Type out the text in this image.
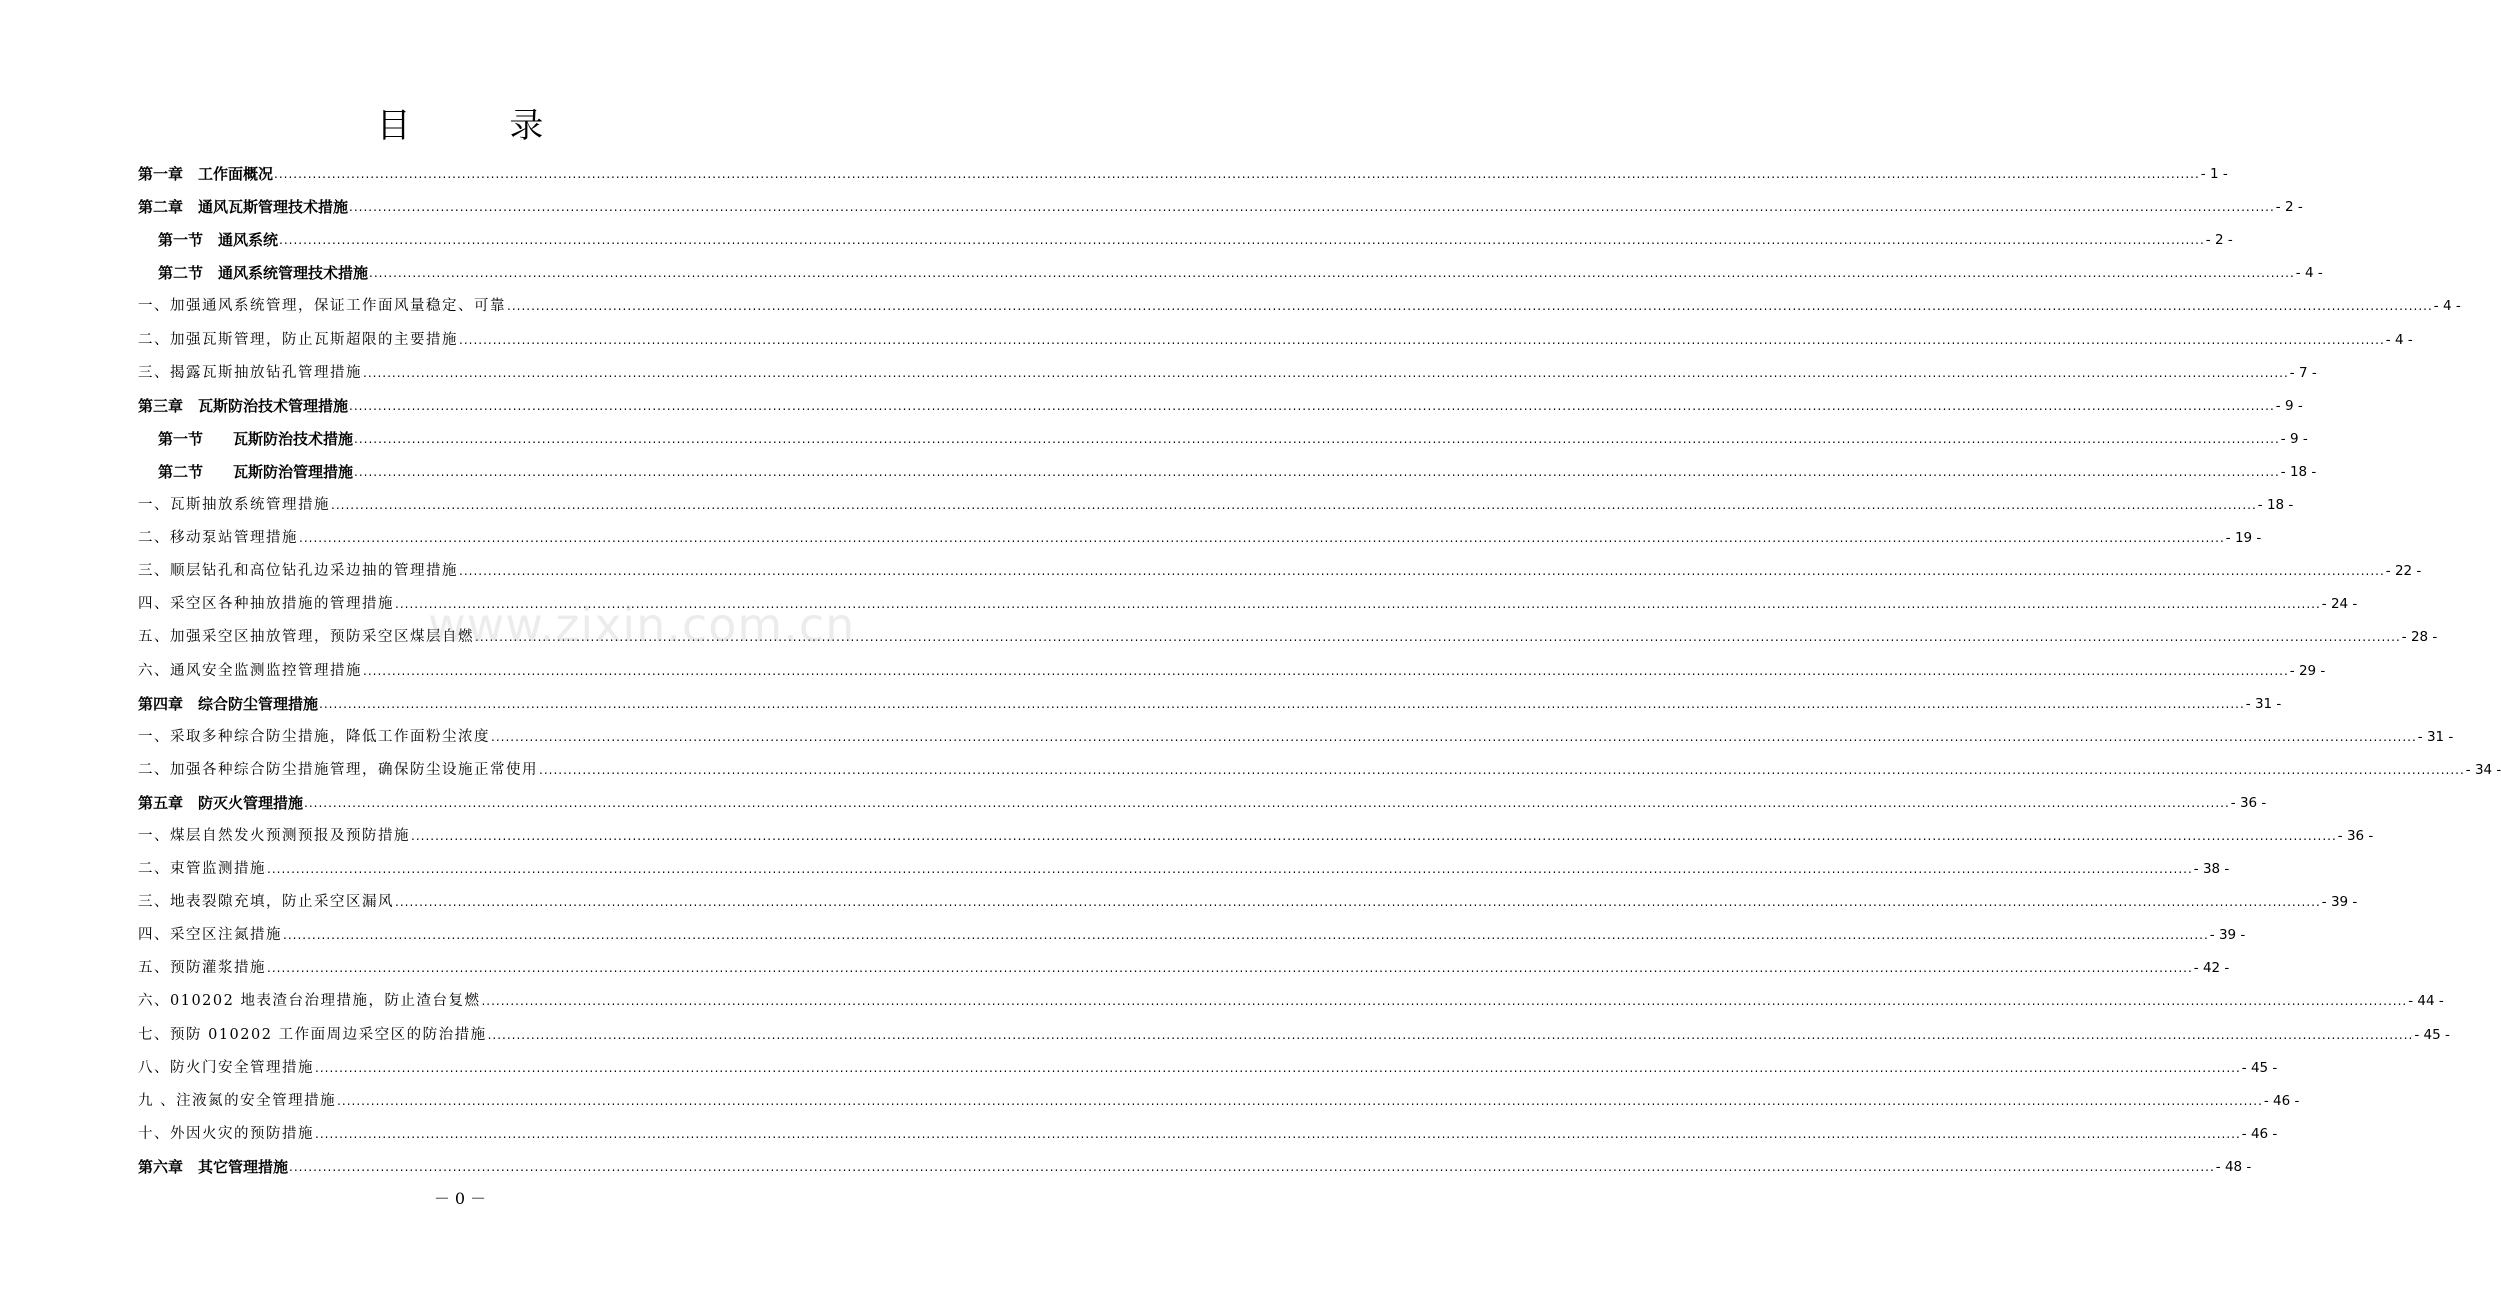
目 录
第一章　工作面概况 ................................................................................................................................................................................................................................................................................................................................................................................................................ - 1 -
第二章　通风瓦斯管理技术措施 ................................................................................................................................................................................................................................................................................................................................................................................................................ - 2 -
第一节　通风系统 ................................................................................................................................................................................................................................................................................................................................................................................................................ - 2 -
第二节　通风系统管理技术措施 ................................................................................................................................................................................................................................................................................................................................................................................................................ - 4 -
一、加强通风系统管理，保证工作面风量稳定、可靠 ................................................................................................................................................................................................................................................................................................................................................................................................................ - 4 -
二、加强瓦斯管理，防止瓦斯超限的主要措施 ................................................................................................................................................................................................................................................................................................................................................................................................................ - 4 -
三、揭露瓦斯抽放钻孔管理措施 ................................................................................................................................................................................................................................................................................................................................................................................................................ - 7 -
第三章　瓦斯防治技术管理措施 ................................................................................................................................................................................................................................................................................................................................................................................................................ - 9 -
第一节　　瓦斯防治技术措施 ................................................................................................................................................................................................................................................................................................................................................................................................................ - 9 -
第二节　　瓦斯防治管理措施 ................................................................................................................................................................................................................................................................................................................................................................................................................ - 18 -
一、瓦斯抽放系统管理措施 ................................................................................................................................................................................................................................................................................................................................................................................................................ - 18 -
二、移动泵站管理措施 ................................................................................................................................................................................................................................................................................................................................................................................................................ - 19 -
三、顺层钻孔和高位钻孔边采边抽的管理措施 ................................................................................................................................................................................................................................................................................................................................................................................................................ - 22 -
四、采空区各种抽放措施的管理措施 ................................................................................................................................................................................................................................................................................................................................................................................................................ - 24 -
五、加强采空区抽放管理，预防采空区煤层自燃 ................................................................................................................................................................................................................................................................................................................................................................................................................ - 28 -
六、通风安全监测监控管理措施 ................................................................................................................................................................................................................................................................................................................................................................................................................ - 29 -
第四章　综合防尘管理措施 ................................................................................................................................................................................................................................................................................................................................................................................................................ - 31 -
一、采取多种综合防尘措施，降低工作面粉尘浓度 ................................................................................................................................................................................................................................................................................................................................................................................................................ - 31 -
二、加强各种综合防尘措施管理，确保防尘设施正常使用 ................................................................................................................................................................................................................................................................................................................................................................................................................ - 34 -
第五章　防灭火管理措施 ................................................................................................................................................................................................................................................................................................................................................................................................................ - 36 -
一、煤层自然发火预测预报及预防措施 ................................................................................................................................................................................................................................................................................................................................................................................................................ - 36 -
二、束管监测措施 ................................................................................................................................................................................................................................................................................................................................................................................................................ - 38 -
三、地表裂隙充填，防止采空区漏风 ................................................................................................................................................................................................................................................................................................................................................................................................................ - 39 -
四、采空区注氮措施 ................................................................................................................................................................................................................................................................................................................................................................................................................ - 39 -
五、预防灌浆措施 ................................................................................................................................................................................................................................................................................................................................................................................................................ - 42 -
六、010202 地表渣台治理措施，防止渣台复燃 ................................................................................................................................................................................................................................................................................................................................................................................................................ - 44 -
七、预防 010202 工作面周边采空区的防治措施 ................................................................................................................................................................................................................................................................................................................................................................................................................ - 45 -
八、防火门安全管理措施 ................................................................................................................................................................................................................................................................................................................................................................................................................ - 45 -
九 、注液氮的安全管理措施 ................................................................................................................................................................................................................................................................................................................................................................................................................ - 46 -
十、外因火灾的预防措施 ................................................................................................................................................................................................................................................................................................................................................................................................................ - 46 -
第六章　其它管理措施 ................................................................................................................................................................................................................................................................................................................................................................................................................ - 48 -
www.zixin.com.cn
－ 0 －
